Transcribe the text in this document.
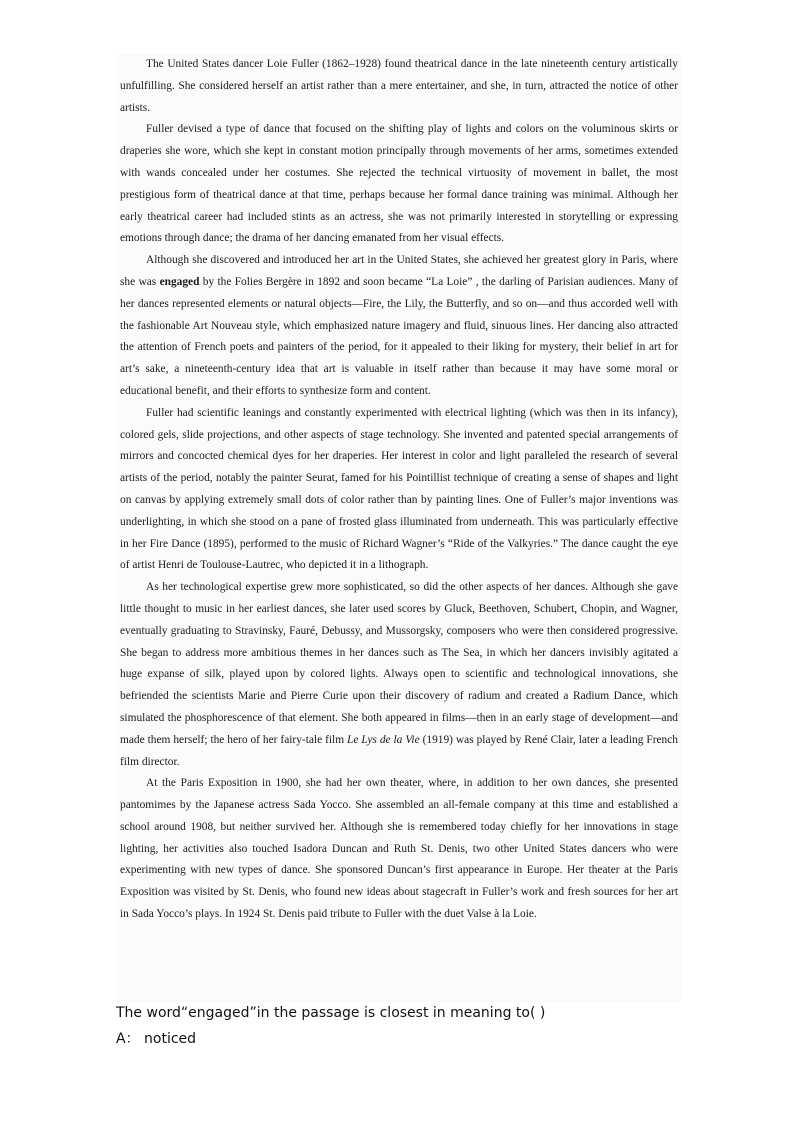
The United States dancer Loie Fuller (1862–1928) found theatrical dance in the late nineteenth century artistically unfulfilling. She considered herself an artist rather than a mere entertainer, and she, in turn, attracted the notice of other artists.

Fuller devised a type of dance that focused on the shifting play of lights and colors on the voluminous skirts or draperies she wore, which she kept in constant motion principally through movements of her arms, sometimes extended with wands concealed under her costumes. She rejected the technical virtuosity of movement in ballet, the most prestigious form of theatrical dance at that time, perhaps because her formal dance training was minimal. Although her early theatrical career had included stints as an actress, she was not primarily interested in storytelling or expressing emotions through dance; the drama of her dancing emanated from her visual effects.

Although she discovered and introduced her art in the United States, she achieved her greatest glory in Paris, where she was engaged by the Folies Bergère in 1892 and soon became “La Loie” , the darling of Parisian audiences. Many of her dances represented elements or natural objects—Fire, the Lily, the Butterfly, and so on—and thus accorded well with the fashionable Art Nouveau style, which emphasized nature imagery and fluid, sinuous lines. Her dancing also attracted the attention of French poets and painters of the period, for it appealed to their liking for mystery, their belief in art for art’s sake, a nineteenth-century idea that art is valuable in itself rather than because it may have some moral or educational benefit, and their efforts to synthesize form and content.

Fuller had scientific leanings and constantly experimented with electrical lighting (which was then in its infancy), colored gels, slide projections, and other aspects of stage technology. She invented and patented special arrangements of mirrors and concocted chemical dyes for her draperies. Her interest in color and light paralleled the research of several artists of the period, notably the painter Seurat, famed for his Pointillist technique of creating a sense of shapes and light on canvas by applying extremely small dots of color rather than by painting lines. One of Fuller’s major inventions was underlighting, in which she stood on a pane of frosted glass illuminated from underneath. This was particularly effective in her Fire Dance (1895), performed to the music of Richard Wagner’s “Ride of the Valkyries.” The dance caught the eye of artist Henri de Toulouse-Lautrec, who depicted it in a lithograph.

As her technological expertise grew more sophisticated, so did the other aspects of her dances. Although she gave little thought to music in her earliest dances, she later used scores by Gluck, Beethoven, Schubert, Chopin, and Wagner, eventually graduating to Stravinsky, Fauré, Debussy, and Mussorgsky, composers who were then considered progressive. She began to address more ambitious themes in her dances such as The Sea, in which her dancers invisibly agitated a huge expanse of silk, played upon by colored lights. Always open to scientific and technological innovations, she befriended the scientists Marie and Pierre Curie upon their discovery of radium and created a Radium Dance, which simulated the phosphorescence of that element. She both appeared in films—then in an early stage of development—and made them herself; the hero of her fairy-tale film Le Lys de la Vie (1919) was played by René Clair, later a leading French film director.

At the Paris Exposition in 1900, she had her own theater, where, in addition to her own dances, she presented pantomimes by the Japanese actress Sada Yocco. She assembled an all-female company at this time and established a school around 1908, but neither survived her. Although she is remembered today chiefly for her innovations in stage lighting, her activities also touched Isadora Duncan and Ruth St. Denis, two other United States dancers who were experimenting with new types of dance. She sponsored Duncan’s first appearance in Europe. Her theater at the Paris Exposition was visited by St. Denis, who found new ideas about stagecraft in Fuller’s work and fresh sources for her art in Sada Yocco’s plays. In 1924 St. Denis paid tribute to Fuller with the duet Valse à la Loie.

The word“engaged”in the passage is closest in meaning to( )

A： noticed
